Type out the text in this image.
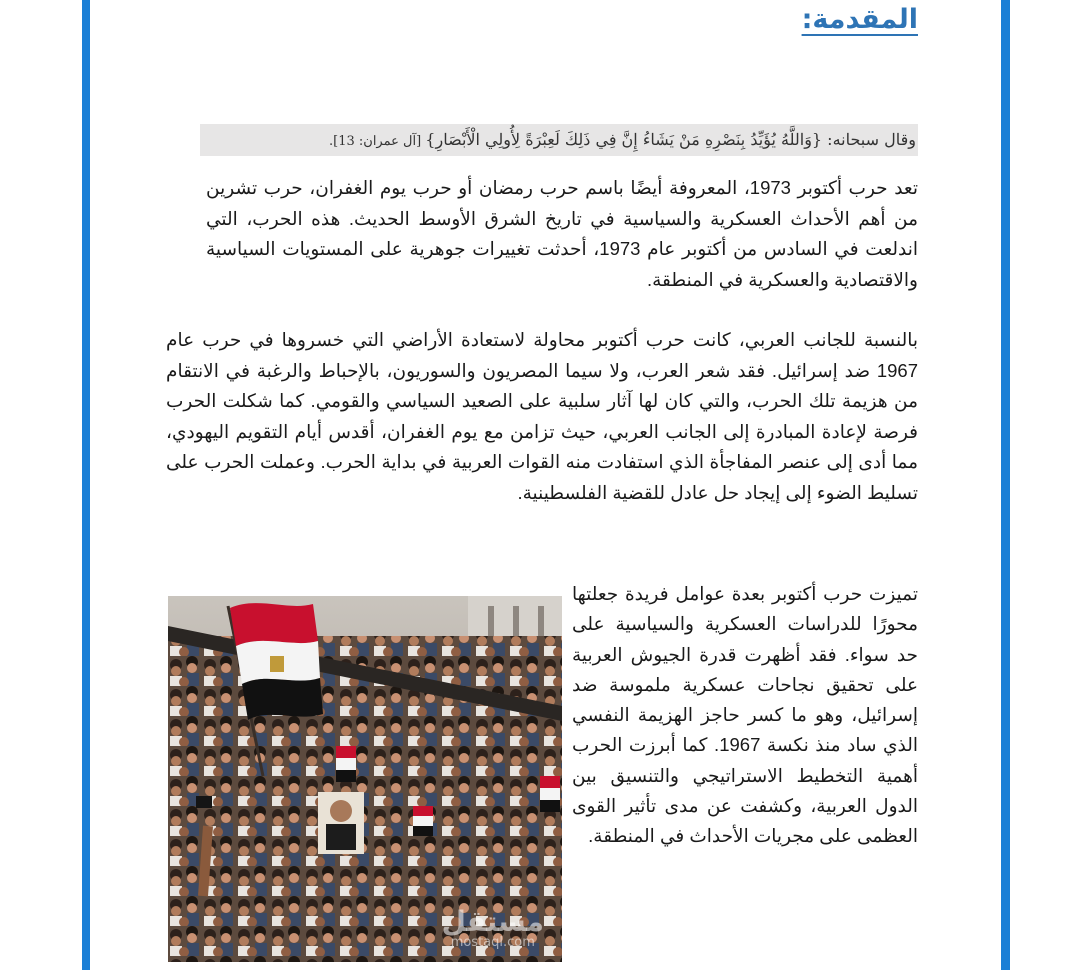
المقدمة:
وقال سبحانه: {وَاللَّهُ يُؤَيِّدُ بِنَصْرِهِ مَنْ يَشَاءُ إِنَّ فِي ذَلِكَ لَعِبْرَةً لِأُولِي الْأَبْصَارِ} [آل عمران: 13].

تعد حرب أكتوبر 1973، المعروفة أيضًا باسم حرب رمضان أو حرب يوم الغفران، حرب تشرين من أهم الأحداث العسكرية والسياسية في تاريخ الشرق الأوسط الحديث. هذه الحرب، التي اندلعت في السادس من أكتوبر عام 1973، أحدثت تغييرات جوهرية على المستويات السياسية والاقتصادية والعسكرية في المنطقة.

بالنسبة للجانب العربي، كانت حرب أكتوبر محاولة لاستعادة الأراضي التي خسروها في حرب عام 1967 ضد إسرائيل. فقد شعر العرب، ولا سيما المصريون والسوريون، بالإحباط والرغبة في الانتقام من هزيمة تلك الحرب، والتي كان لها آثار سلبية على الصعيد السياسي والقومي. كما شكلت الحرب فرصة لإعادة المبادرة إلى الجانب العربي، حيث تزامن مع يوم الغفران، أقدس أيام التقويم اليهودي، مما أدى إلى عنصر المفاجأة الذي استفادت منه القوات العربية في بداية الحرب. وعملت الحرب على تسليط الضوء إلى إيجاد حل عادل للقضية الفلسطينية.

تميزت حرب أكتوبر بعدة عوامل فريدة جعلتها محورًا للدراسات العسكرية والسياسية على حد سواء. فقد أظهرت قدرة الجيوش العربية على تحقيق نجاحات عسكرية ملموسة ضد إسرائيل، وهو ما كسر حاجز الهزيمة النفسي الذي ساد منذ نكسة 1967. كما أبرزت الحرب أهمية التخطيط الاستراتيجي والتنسيق بين الدول العربية، وكشفت عن مدى تأثير القوى العظمى على مجريات الأحداث في المنطقة.

مستقل
mostaql.com
